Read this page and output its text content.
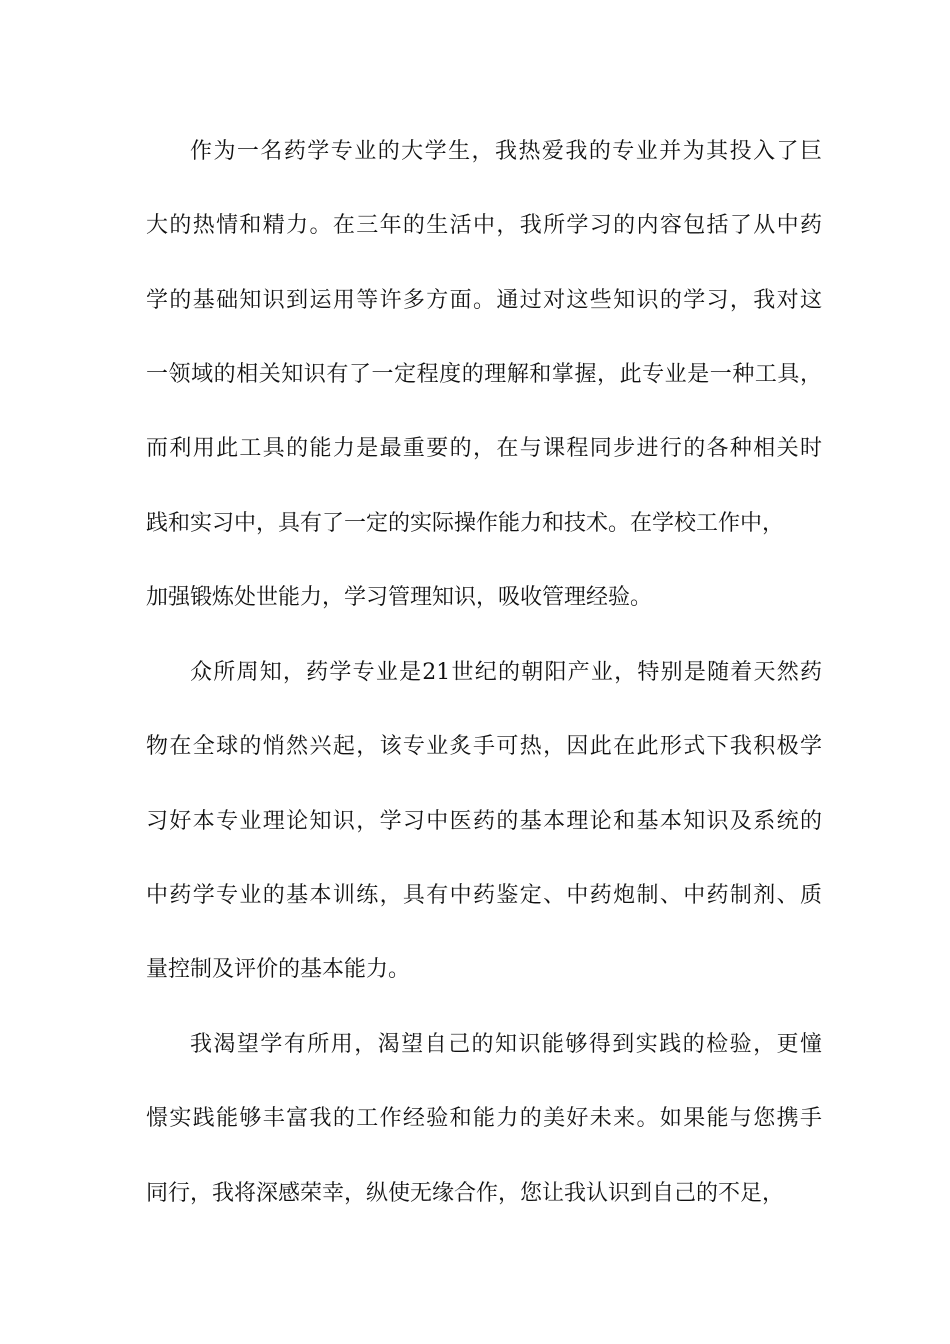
作为一名药学专业的大学生，我热爱我的专业并为其投入了巨
大的热情和精力。在三年的生活中，我所学习的内容包括了从中药
学的基础知识到运用等许多方面。通过对这些知识的学习，我对这
一领域的相关知识有了一定程度的理解和掌握，此专业是一种工具，
而利用此工具的能力是最重要的，在与课程同步进行的各种相关时
践和实习中，具有了一定的实际操作能力和技术。在学校工作中，
加强锻炼处世能力，学习管理知识，吸收管理经验。
众所周知，药学专业是21世纪的朝阳产业，特别是随着天然药
物在全球的悄然兴起，该专业炙手可热，因此在此形式下我积极学
习好本专业理论知识，学习中医药的基本理论和基本知识及系统的
中药学专业的基本训练，具有中药鉴定、中药炮制、中药制剂、质
量控制及评价的基本能力。
我渴望学有所用，渴望自己的知识能够得到实践的检验，更憧
憬实践能够丰富我的工作经验和能力的美好未来。如果能与您携手
同行，我将深感荣幸，纵使无缘合作，您让我认识到自己的不足，
